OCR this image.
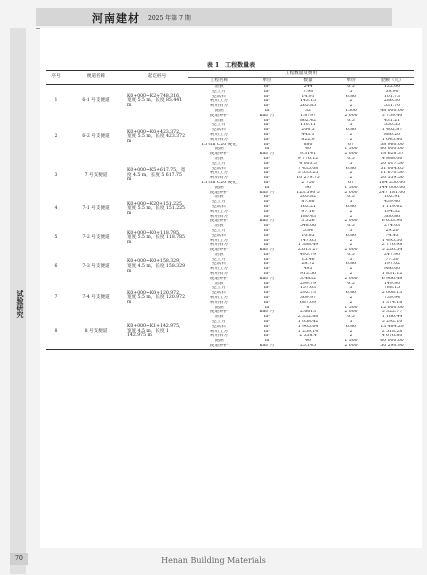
试验研究
河南建材 2025 年第 7 期
表 1　工程数量表
序号	便道名称	起讫桩号	工程数量及费用				
			工程名称	单位	数量	单价	金额（元）
1	6-1 号支便道	K0+000~K2+748.316，宽度 5.5 m，长度 85.441 m	清表	m²	244	0.5	122.00
			挖土方	m³	7.98	5	39.90
			挖软石	m³	14.91	6.86	101.73
			利用土方	m³	143.15	2	286.30
			利用石方	m³	265.85	2	531.70
			便涵	m	32	1500	48 000.00
			便道养护	km/ 月	1.8797	2 000	3 759.40
2	6-2 号支便道	K0+000~K0+423.372，宽度 5.5 m，长度 423.372 m	清表	m²	862.42	0.5	431.21
			挖土方	m³	110.11	5	550.55
			挖软石	m³	204.5	6.86	1 402.87
			利用土方	m³	443.1	2	886.20
			利用石方	m³	822.9	2	1 645.80
			15 cm C20 硬化	m²	880	67	58 960.00
			便涵	m	40	1 500	60 000.00
			便道养护	km/ 月	9.3141	2 000	18 628.37
3	7 号支便道	K0+000~K5+617.75，宽度 4.5 m，长度 5 617.75 m	清表	m²	9 776.12	0.5	4 888.06
			挖土方	m³	4 003.5	5	20 017.50
			挖软石	m³	7 435.08	6.86	51 004.65
			利用土方	m³	5 535.25	2	11 070.50
			利用石方	m³	10 279.75	2	20 559.50
			15 cm C20 硬化	m²	2 750	67	184 250.00
			便涵	m	96	1 500	144 000.00
			便道养护	km/ 月	123.590 5	2 000	247 181.00
4	7-1 号支便道	K0+000~K20+151.225，宽度 5.5 m，长度 151.225 m	清表	m²	205.82	0.5	102.91
			挖土方	m³	87.88	5	439.40
			挖软石	m³	163.21	6.86	1 119.62
			利用土方	m³	97.16	2	194.32
			利用石方	m³	180.43	2	360.86
			便道养护	km/ 月	3.326	2 000	6 653.90
5	7-2 号支便道	K0+000~K0+118.785，宽度 5.5 m，长度 118.785 m	清表	m²	548.06	0.5	274.03
			挖土方	m³	5.84	5	29.20
			挖软石	m³	10.85	6.86	74.43
			利用土方	m³	747.65	2	1 495.30
			利用石方	m³	1 388.49	2	2 776.98
			便道养护	km/ 月	2.613 27	2 000	5 226.54
6	7-3 号支便道	K0+000~K0+158.329，宽度 4.5 m，长度 158.329 m	清表	m²	495.79	0.5	247.90
			挖土方	m³	15.46	5	77.30
			挖软石	m³	28.72	6.86	197.02
			利用土方	m³	493	2	986.00
			利用石方	m³	915.56	2	1 831.12
			便道养护	km/ 月	3.4832	2 000	6 966.48
7	7-4 号支便道	K0+000~K0+120.972，宽度 5.5 m，长度 120.972 m	清表	m²	299.79	0.5	149.90
			挖土方	m³	157.63	5	788.15
			挖软石	m³	292.73	6.86	2 008.13
			利用土方	m³	369.97	2	739.94
			利用石方	m³	687.09	2	1 374.18
			便涵	m	8	1 500	12 000.00
			便道养护	km/ 月	2.6613	2 000	5 322.77
8	8 号支便道	K0+000~K1+142.975，宽度 4.5 m，长度 1 142.975 m	清表	m²	2 332.88	0.5	1 166.44
			挖土方	m³	1 058.42	5	5 292.10
			挖软石	m³	1 965.64	6.86	13 484.29
			利用土方	m³	1 259.14	2	2 518.28
			利用石方	m³	2 338.4	2	4 676.80
			便涵	m	40	1 500	60 000.00
			便道养护	km/ 月	25.145	2 000	50 290.90
70	Henan Building Materials
